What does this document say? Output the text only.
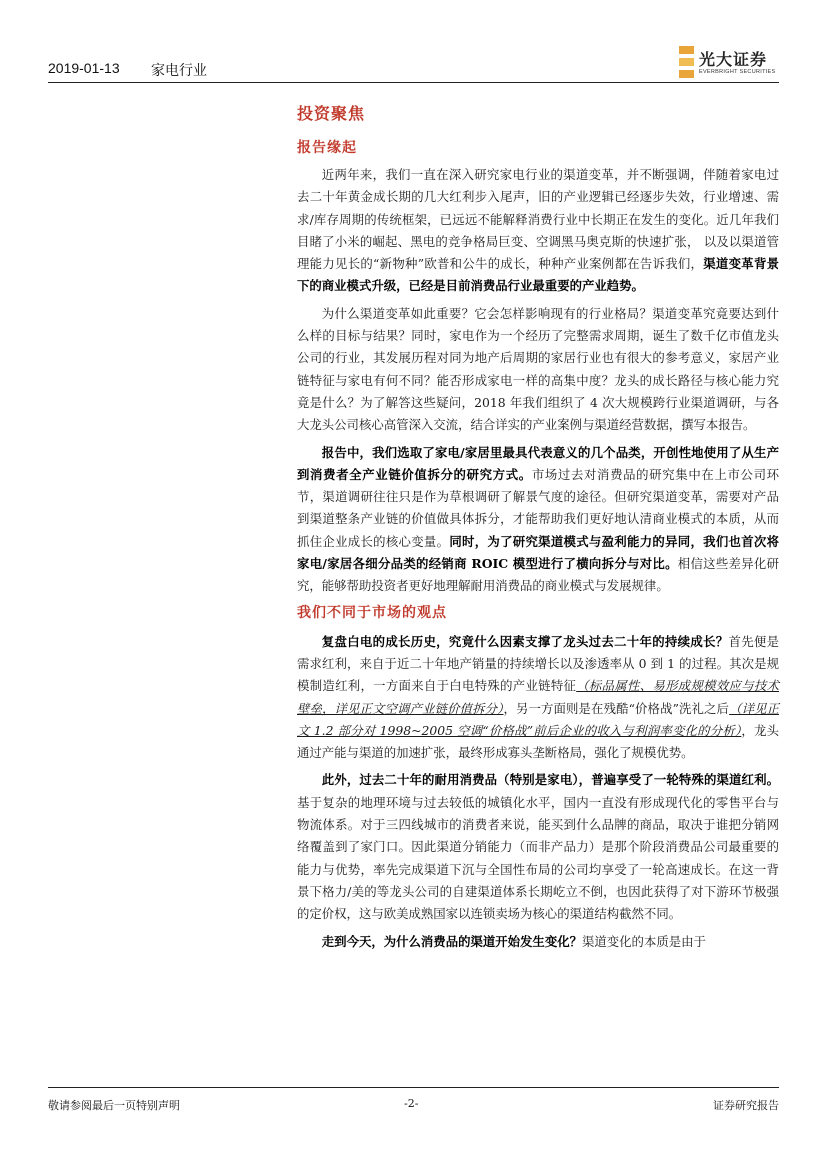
2019-01-13 家电行业
光大证券
EVERBRIGHT SECURITIES
投资聚焦
报告缘起

近两年来，我们一直在深入研究家电行业的渠道变革，并不断强调，伴随着家电过去二十年黄金成长期的几大红利步入尾声，旧的产业逻辑已经逐步失效，行业增速、需求/库存周期的传统框架，已远远不能解释消费行业中长期正在发生的变化。近几年我们目睹了小米的崛起、黑电的竞争格局巨变、空调黑马奥克斯的快速扩张， 以及以渠道管理能力见长的“新物种”欧普和公牛的成长，种种产业案例都在告诉我们，渠道变革背景下的商业模式升级，已经是目前消费品行业最重要的产业趋势。

为什么渠道变革如此重要？它会怎样影响现有的行业格局？渠道变革究竟要达到什么样的目标与结果？同时，家电作为一个经历了完整需求周期，诞生了数千亿市值龙头公司的行业，其发展历程对同为地产后周期的家居行业也有很大的参考意义，家居产业链特征与家电有何不同？能否形成家电一样的高集中度？龙头的成长路径与核心能力究竟是什么？为了解答这些疑问，2018 年我们组织了 4 次大规模跨行业渠道调研，与各大龙头公司核心高管深入交流，结合详实的产业案例与渠道经营数据，撰写本报告。

报告中，我们选取了家电/家居里最具代表意义的几个品类，开创性地使用了从生产到消费者全产业链价值拆分的研究方式。市场过去对消费品的研究集中在上市公司环节，渠道调研往往只是作为草根调研了解景气度的途径。但研究渠道变革，需要对产品到渠道整条产业链的价值做具体拆分，才能帮助我们更好地认清商业模式的本质，从而抓住企业成长的核心变量。同时，为了研究渠道模式与盈利能力的异同，我们也首次将家电/家居各细分品类的经销商 ROIC 模型进行了横向拆分与对比。相信这些差异化研究，能够帮助投资者更好地理解耐用消费品的商业模式与发展规律。

我们不同于市场的观点

复盘白电的成长历史，究竟什么因素支撑了龙头过去二十年的持续成长？首先便是需求红利，来自于近二十年地产销量的持续增长以及渗透率从 0 到 1 的过程。其次是规模制造红利，一方面来自于白电特殊的产业链特征（标品属性、易形成规模效应与技术壁垒，详见正文空调产业链价值拆分），另一方面则是在残酷“价格战”洗礼之后（详见正文 1.2 部分对 1998~2005 空调“价格战”前后企业的收入与利润率变化的分析），龙头通过产能与渠道的加速扩张，最终形成寡头垄断格局，强化了规模优势。

此外，过去二十年的耐用消费品（特别是家电），普遍享受了一轮特殊的渠道红利。基于复杂的地理环境与过去较低的城镇化水平，国内一直没有形成现代化的零售平台与物流体系。对于三四线城市的消费者来说，能买到什么品牌的商品，取决于谁把分销网络覆盖到了家门口。因此渠道分销能力（而非产品力）是那个阶段消费品公司最重要的能力与优势，率先完成渠道下沉与全国性布局的公司均享受了一轮高速成长。在这一背景下格力/美的等龙头公司的自建渠道体系长期屹立不倒，也因此获得了对下游环节极强的定价权，这与欧美成熟国家以连锁卖场为核心的渠道结构截然不同。

走到今天，为什么消费品的渠道开始发生变化？渠道变化的本质是由于

敬请参阅最后一页特别声明	-2-	证券研究报告
